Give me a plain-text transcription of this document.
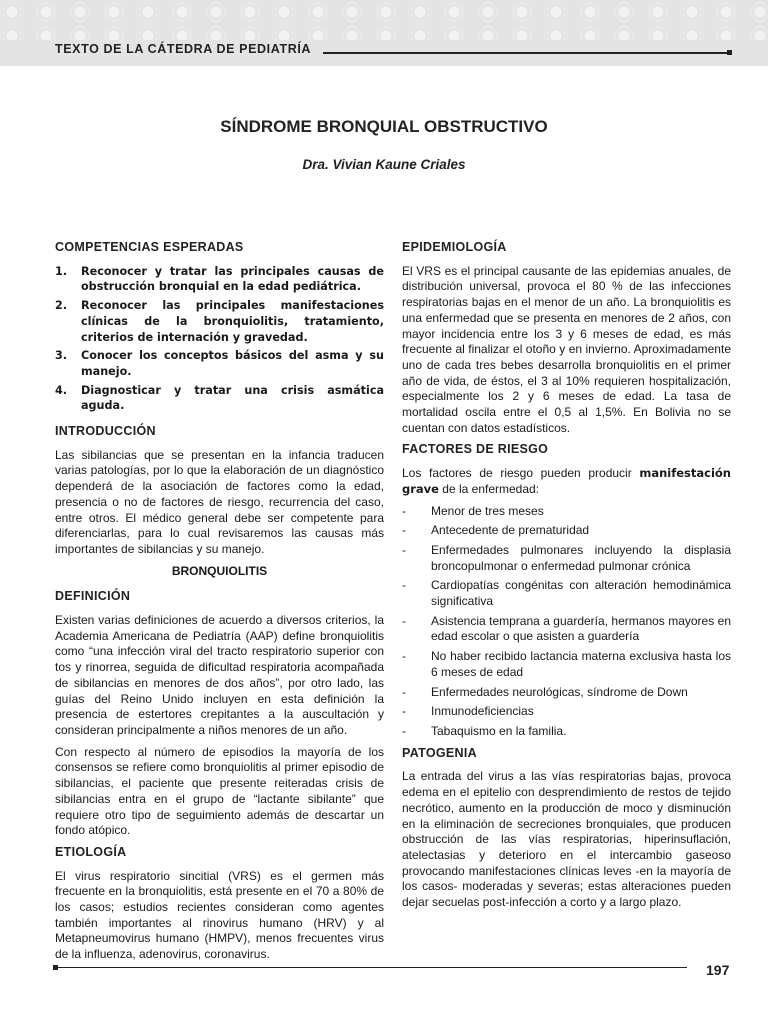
TEXTO DE LA CÁTEDRA DE PEDIATRÍA
SÍNDROME BRONQUIAL OBSTRUCTIVO
Dra. Vivian Kaune Criales
COMPETENCIAS ESPERADAS
1.	Reconocer y tratar las principales causas de obstrucción bronquial en la edad pediátrica.
2.	Reconocer las principales manifestaciones clínicas de la bronquiolitis, tratamiento, criterios de internación y gravedad.
3.	Conocer los conceptos básicos del asma y su manejo.
4.	Diagnosticar y tratar una crisis asmática aguda.
INTRODUCCIÓN

Las sibilancias que se presentan en la infancia traducen varias patologías, por lo que la elaboración de un diagnóstico dependerá de la asociación de factores como la edad, presencia o no de factores de riesgo, recurrencia del caso, entre otros. El médico general debe ser competente para diferenciarlas, para lo cual revisaremos las causas más importantes de sibilancias y su manejo.

BRONQUIOLITIS
DEFINICIÓN

Existen varias definiciones de acuerdo a diversos criterios, la Academia Americana de Pediatría (AAP) define bronquiolitis como “una infección viral del tracto respiratorio superior con tos y rinorrea, seguida de dificultad respiratoria acompañada de sibilancias en menores de dos años”, por otro lado, las guías del Reino Unido incluyen en esta definición la presencia de estertores crepitantes a la auscultación y consideran principalmente a niños menores de un año.

Con respecto al número de episodios la mayoría de los consensos se refiere como bronquiolitis al primer episodio de sibilancias, el paciente que presente reiteradas crisis de sibilancias entra en el grupo de “lactante sibilante” que requiere otro tipo de seguimiento además de descartar un fondo atópico.

ETIOLOGÍA

El virus respiratorio sincitial (VRS) es el germen más frecuente en la bronquiolitis, está presente en el 70 a 80% de los casos; estudios recientes consideran como agentes también importantes al rinovirus humano (HRV) y al Metapneumovirus humano (HMPV), menos frecuentes virus de la influenza, adenovirus, coronavirus.

EPIDEMIOLOGÍA

El VRS es el principal causante de las epidemias anuales, de distribución universal, provoca el 80 % de las infecciones respiratorias bajas en el menor de un año. La bronquiolitis es una enfermedad que se presenta en menores de 2 años, con mayor incidencia entre los 3 y 6 meses de edad, es más frecuente al finalizar el otoño y en invierno. Aproximadamente uno de cada tres bebes desarrolla bronquiolitis en el primer año de vida, de éstos, el 3 al 10% requieren hospitalización, especialmente los 2 y 6 meses de edad. La tasa de mortalidad oscila entre el 0,5 al 1,5%. En Bolivia no se cuentan con datos estadísticos.

FACTORES DE RIESGO

Los factores de riesgo pueden producir manifestación grave de la enfermedad:

-	Menor de tres meses
-	Antecedente de prematuridad
-	Enfermedades pulmonares incluyendo la displasia broncopulmonar o enfermedad pulmonar crónica
-	Cardiopatías congénitas con alteración hemodinámica significativa
-	Asistencia temprana a guardería, hermanos mayores en edad escolar o que asisten a guardería
-	No haber recibido lactancia materna exclusiva hasta los 6 meses de edad
-	Enfermedades neurológicas, síndrome de Down
-	Inmunodeficiencias
-	Tabaquismo en la familia.
PATOGENIA

La entrada del virus a las vías respiratorias bajas, provoca edema en el epitelio con desprendimiento de restos de tejido necrótico, aumento en la producción de moco y disminución en la eliminación de secreciones bronquiales, que producen obstrucción de las vías respiratorias, hiperinsuflación, atelectasias y deterioro en el intercambio gaseoso provocando manifestaciones clínicas leves -en la mayoría de los casos- moderadas y severas; estas alteraciones pueden dejar secuelas post-infección a corto y a largo plazo.

197
